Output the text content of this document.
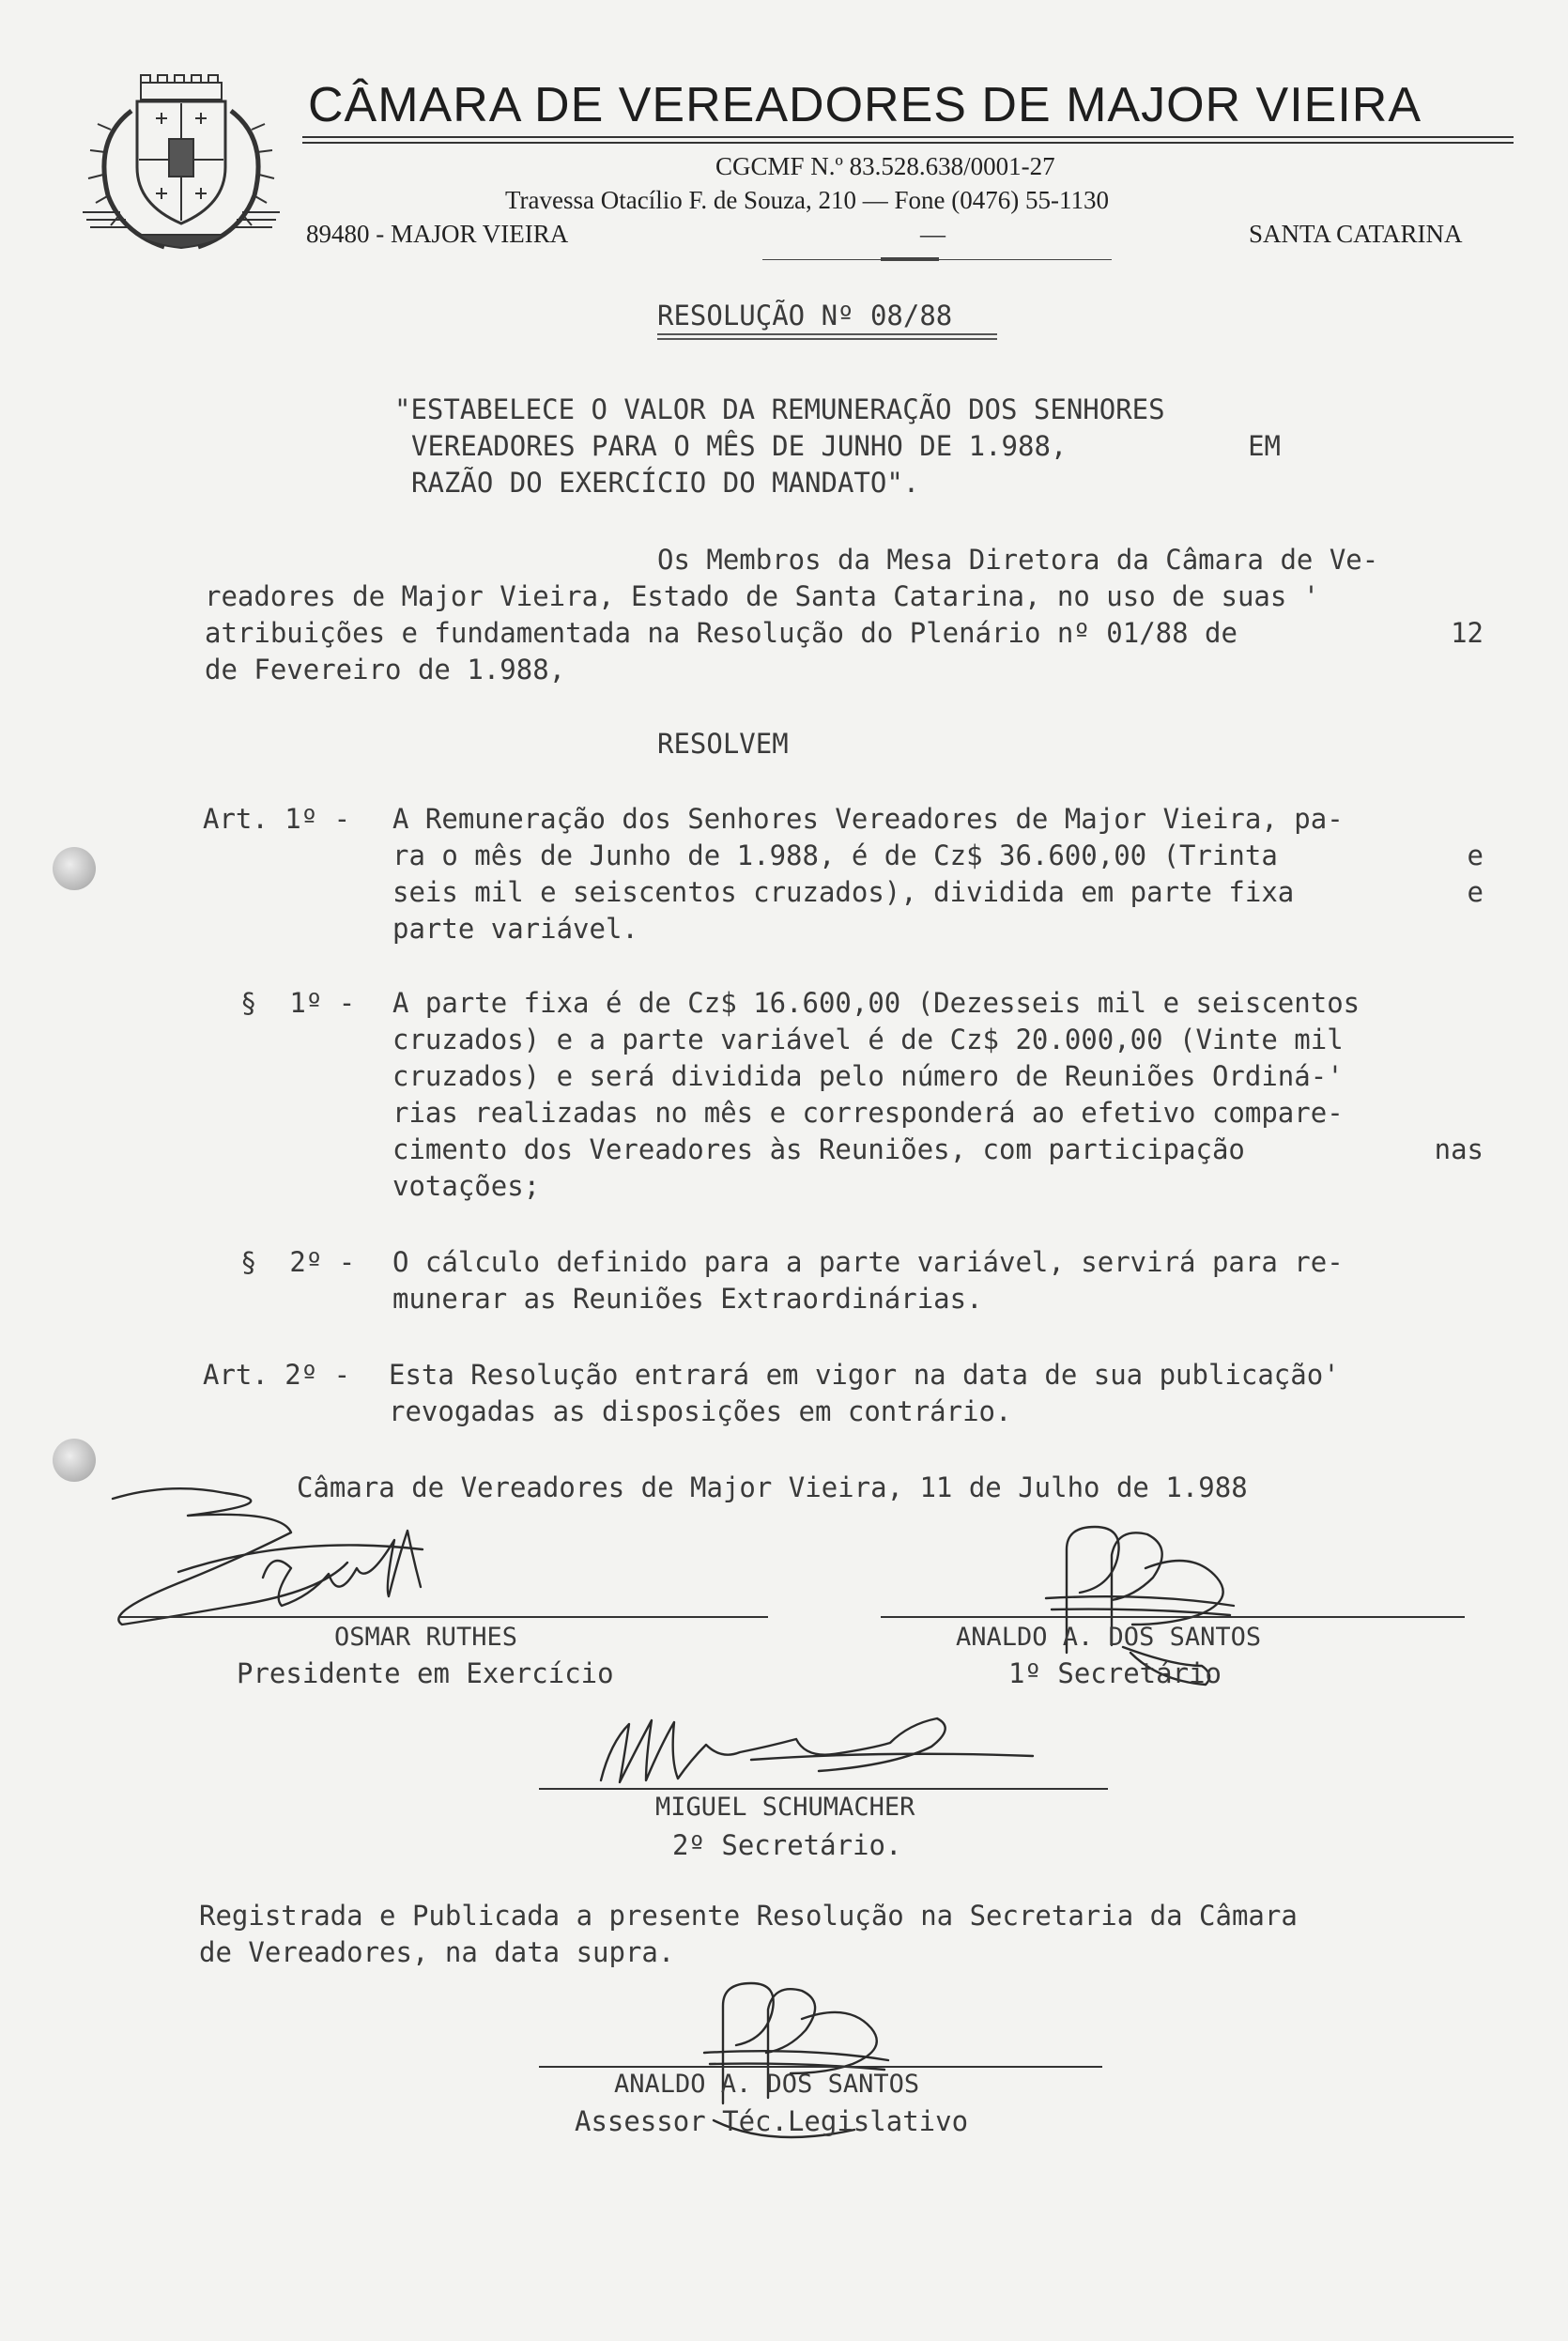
CÂMARA DE VEREADORES DE MAJOR VIEIRA
CGCMF N.º 83.528.638/0001-27
Travessa Otacílio F. de Souza, 210 — Fone (0476) 55-1130
89480 - MAJOR VIEIRA	—	SANTA CATARINA
RESOLUÇÃO Nº 08/88
"ESTABELECE O VALOR DA REMUNERAÇÃO DOS SENHORES
VEREADORES PARA O MÊS DE JUNHO DE 1.988,	EM
RAZÃO DO EXERCÍCIO DO MANDATO".
Os Membros da Mesa Diretora da Câmara de Ve-
readores de Major Vieira, Estado de Santa Catarina, no uso de suas '
atribuições e fundamentada na Resolução do Plenário nº 01/88 de	12
de Fevereiro de 1.988,
RESOLVEM
Art. 1º - A Remuneração dos Senhores Vereadores de Major Vieira, pa-
ra o mês de Junho de 1.988, é de Cz$ 36.600,00 (Trinta	e
seis mil e seiscentos cruzados), dividida em parte fixa	e
parte variável.
§  1º - A parte fixa é de Cz$ 16.600,00 (Dezesseis mil e seiscentos
cruzados) e a parte variável é de Cz$ 20.000,00 (Vinte mil
cruzados) e será dividida pelo número de Reuniões Ordiná-'
rias realizadas no mês e corresponderá ao efetivo compare-
cimento dos Vereadores às Reuniões, com participação	nas
votações;
§  2º - O cálculo definido para a parte variável, servirá para re-
munerar as Reuniões Extraordinárias.
Art. 2º - Esta Resolução entrará em vigor na data de sua publicação'
revogadas as disposições em contrário.
Câmara de Vereadores de Major Vieira, 11 de Julho de 1.988
OSMAR RUTHES
Presidente em Exercício
ANALDO A. DOS SANTOS
1º Secretário
MIGUEL SCHUMACHER
2º Secretário.
Registrada e Publicada a presente Resolução na Secretaria da Câmara
de Vereadores, na data supra.
ANALDO A. DOS SANTOS
Assessor Téc.Legislativo
